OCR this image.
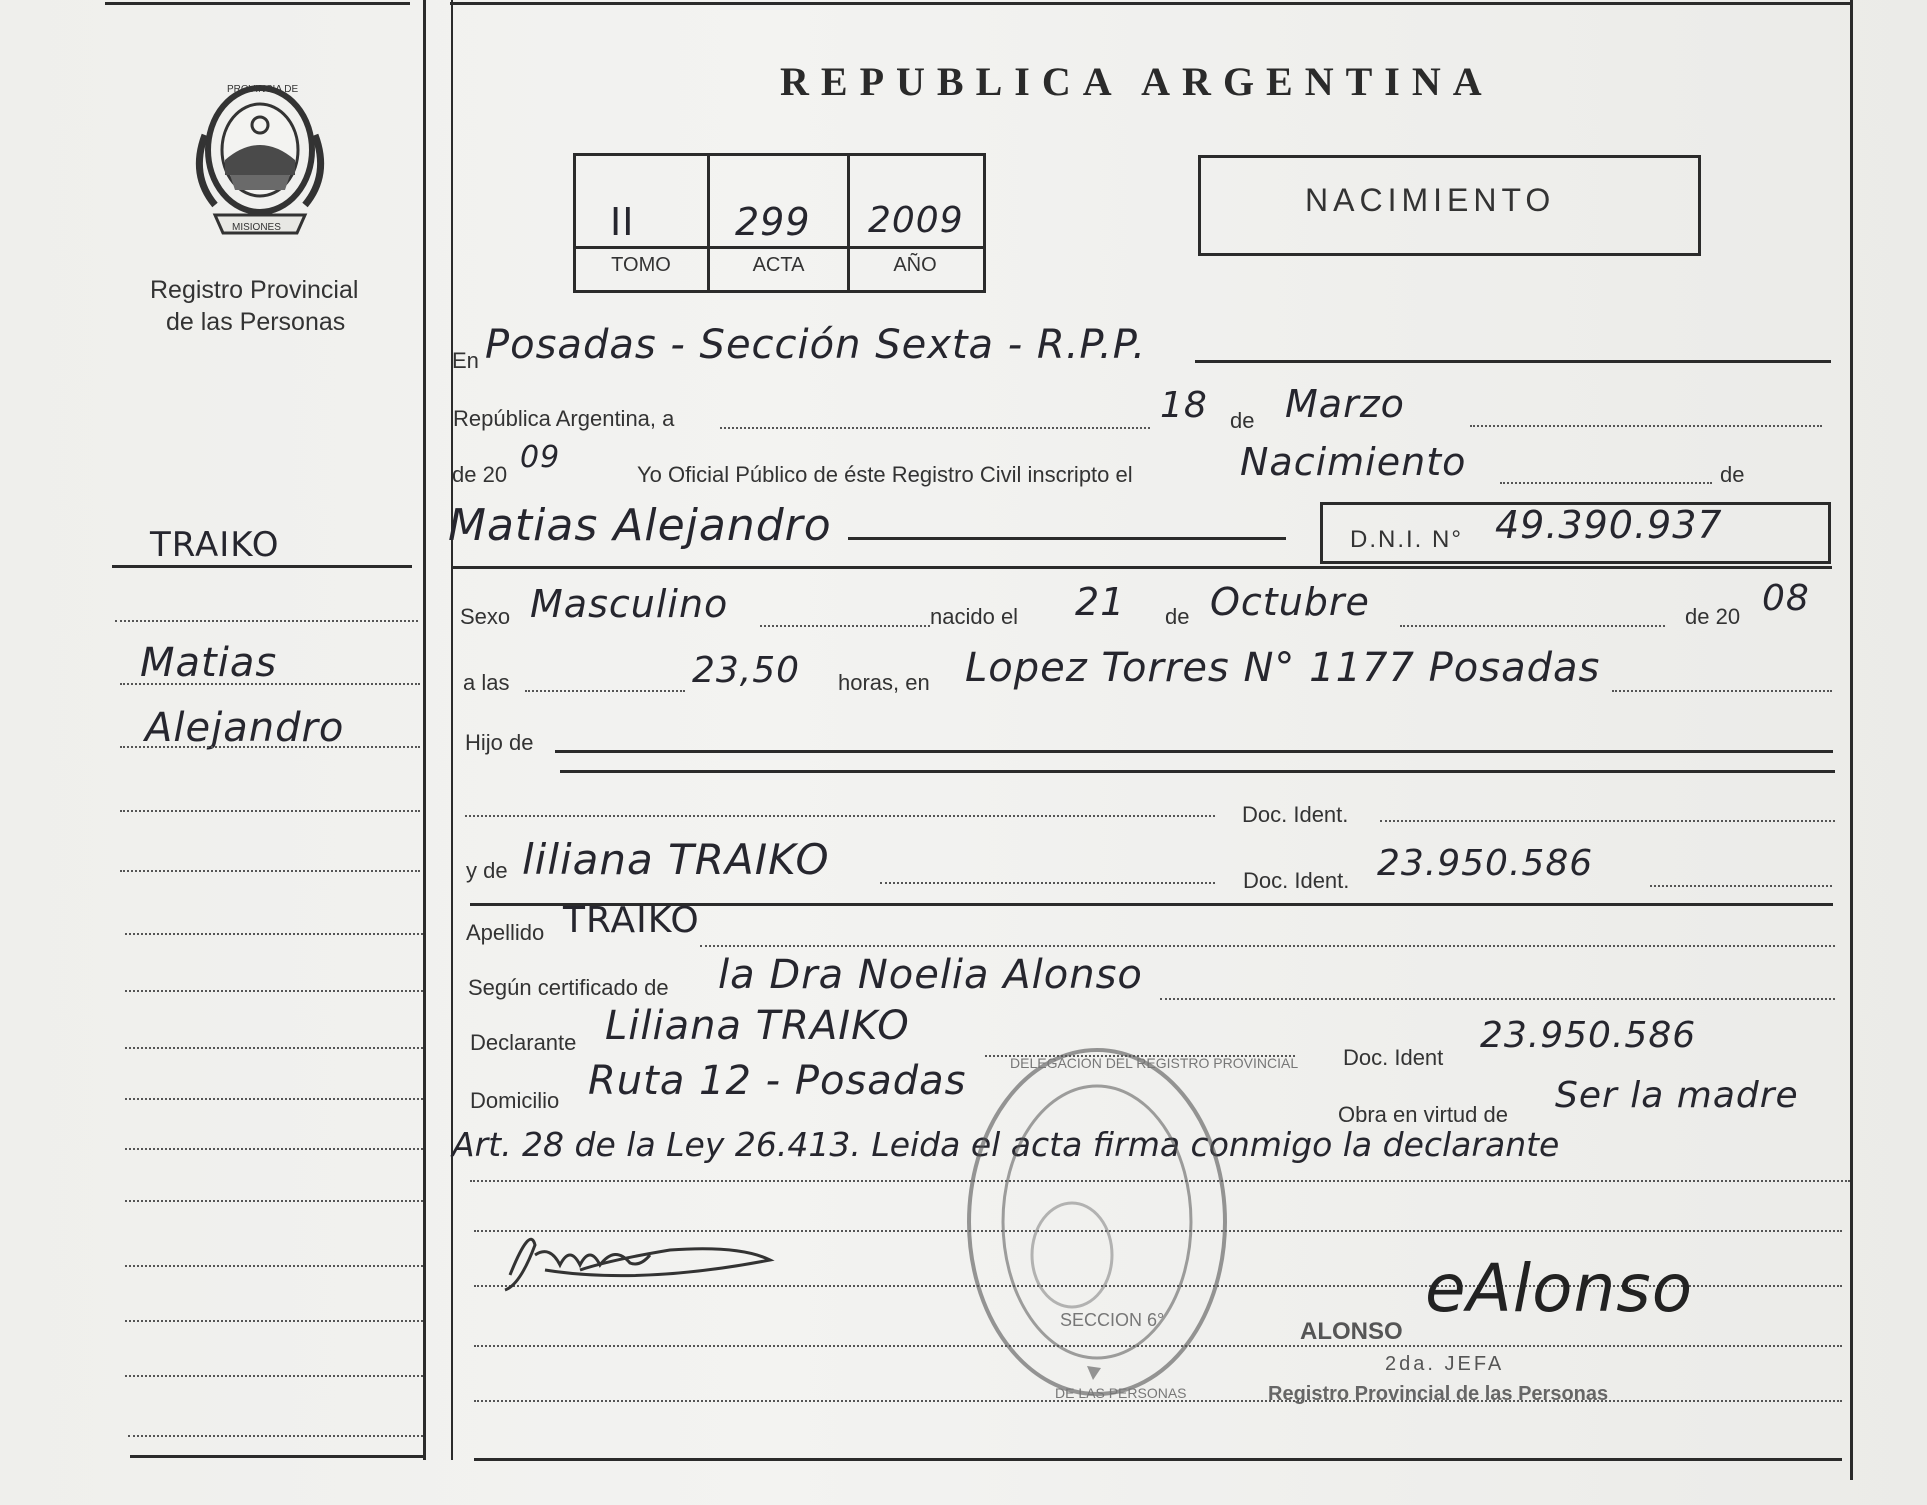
PROVINCIA DE
MISIONES
Registro Provincial
de las Personas
REPUBLICA ARGENTINA
II	299 2009
TOMO	ACTA	AÑO
NACIMIENTO
TRAIKO
Matias
Alejandro
En Posadas - Sección Sexta - R.P.P.
República Argentina, a	18 de Marzo
de 20 09	Yo Oficial Público de éste Registro Civil inscripto el	Nacimiento	de
Matias Alejandro	D.N.I. N° 49.390.937
Sexo Masculino	nacido el 21 de Octubre	de 20 08
a las	23,50 horas, en Lopez Torres N° 1177 Posadas
Hijo de
Doc. Ident.
y de liliana TRAIKO	Doc. Ident. 23.950.586
Apellido TRAIKO
Según certificado de la Dra Noelia Alonso
Declarante Liliana TRAIKO
Doc. Ident
23.950.586
Domicilio Ruta 12 - Posadas
Obra en virtud de Ser la madre
Art. 28 de la Ley 26.413. Leida el acta firma conmigo la declarante
DELEGACION DEL REGISTRO PROVINCIAL
DE LAS PERSONAS
SECCION 6°	ALONSO
eAlonso
2da. JEFA
Registro Provincial de las Personas
